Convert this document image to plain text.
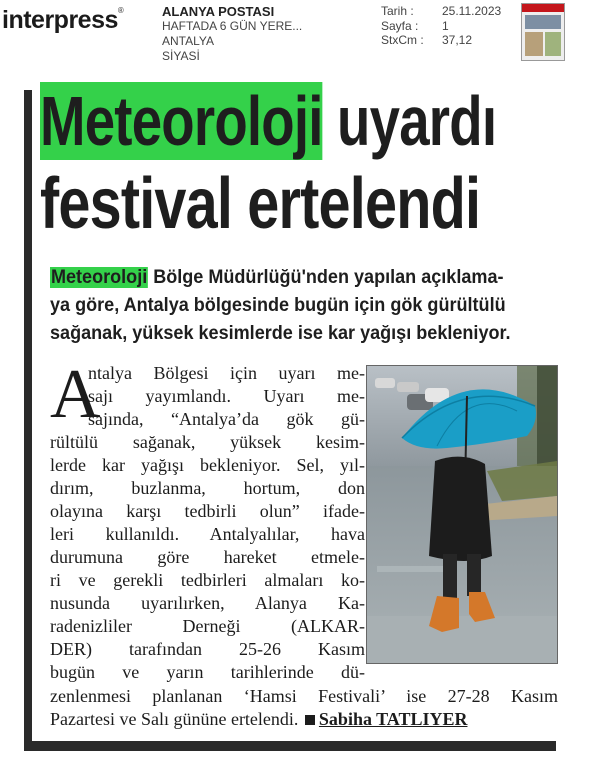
interpress®	ALANYA POSTASI
HAFTADA 6 GÜN YERE...
ANTALYA
SİYASİ
Tarih :	25.11.2023
Sayfa :	1
StxCm :	37,12
Meteoroloji uyardı
festival ertelendi
Meteoroloji Bölge Müdürlüğü'nden yapılan açıklama-
ya göre, Antalya bölgesinde bugün için gök gürültülü
sağanak, yüksek kesimlerde ise kar yağışı bekleniyor.
A
ntalya Bölgesi için uyarı me-
sajı yayımlandı. Uyarı me-
sajında, “Antalya’da gök gü-
rültülü sağanak, yüksek kesim-
lerde kar yağışı bekleniyor. Sel, yıl-
dırım, buzlanma, hortum, don
olayına karşı tedbirli olun” ifade-
leri kullanıldı. Antalyalılar, hava
durumuna göre hareket etmele-
ri ve gerekli tedbirleri almaları ko-
nusunda uyarılırken, Alanya Ka-
radenizliler Derneği (ALKAR-
DER) tarafından 25-26 Kasım
bugün ve yarın tarihlerinde dü-
zenlenmesi planlanan ‘Hamsi Festivali’ ise 27-28 Kasım
Pazartesi ve Salı gününe ertelendi. Sabiha TATLIYER
